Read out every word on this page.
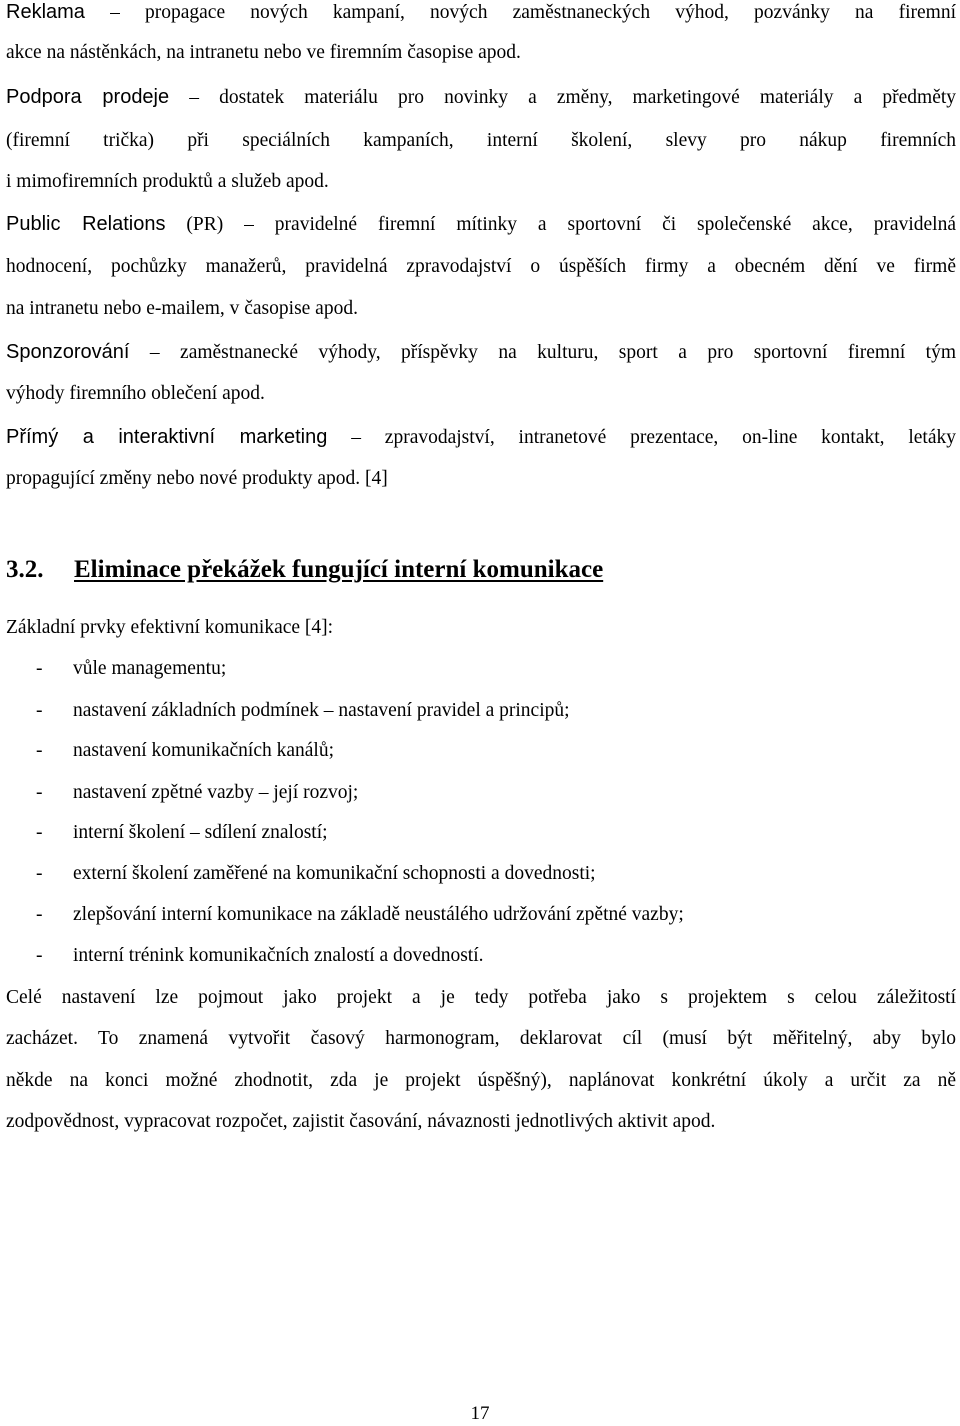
Reklama – propagace nových kampaní, nových zaměstnaneckých výhod, pozvánky na firemní
akce na nástěnkách, na intranetu nebo ve firemním časopise apod.
Podpora prodeje – dostatek materiálu pro novinky a změny, marketingové materiály a předměty
(firemní trička) při speciálních kampaních, interní školení, slevy pro nákup firemních
i mimofiremních produktů a služeb apod.
Public Relations (PR) – pravidelné firemní mítinky a sportovní či společenské akce, pravidelná
hodnocení, pochůzky manažerů, pravidelná zpravodajství o úspěších firmy a obecném dění ve firmě
na intranetu nebo e-mailem, v časopise apod.
Sponzorování – zaměstnanecké výhody, příspěvky na kulturu, sport a pro sportovní firemní tým
výhody firemního oblečení apod.
Přímý a interaktivní marketing – zpravodajství, intranetové prezentace, on-line kontakt, letáky
propagující změny nebo nové produkty apod. [4]
3.2. Eliminace překážek fungující interní komunikace
Základní prvky efektivní komunikace [4]:
- vůle managementu;
- nastavení základních podmínek – nastavení pravidel a principů;
- nastavení komunikačních kanálů;
- nastavení zpětné vazby – její rozvoj;
- interní školení – sdílení znalostí;
- externí školení zaměřené na komunikační schopnosti a dovednosti;
- zlepšování interní komunikace na základě neustálého udržování zpětné vazby;
- interní trénink komunikačních znalostí a dovedností.
Celé nastavení lze pojmout jako projekt a je tedy potřeba jako s projektem s celou záležitostí
zacházet. To znamená vytvořit časový harmonogram, deklarovat cíl (musí být měřitelný, aby bylo
někde na konci možné zhodnotit, zda je projekt úspěšný), naplánovat konkrétní úkoly a určit za ně
zodpovědnost, vypracovat rozpočet, zajistit časování, návaznosti jednotlivých aktivit apod.
17
